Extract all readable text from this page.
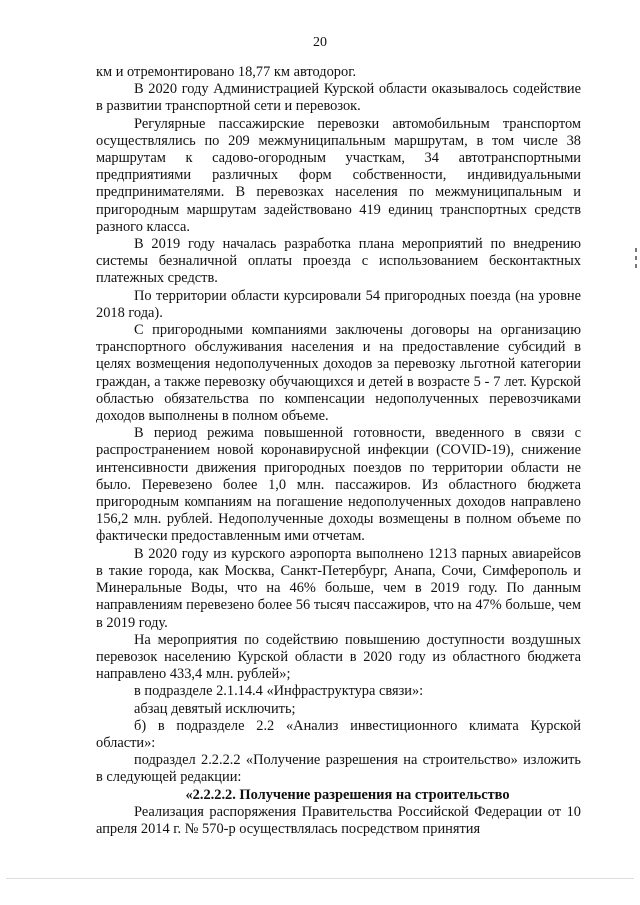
20

км и отремонтировано 18,77 км автодорог.

В 2020 году Администрацией Курской области оказывалось содействие в развитии транспортной сети и перевозок.

Регулярные пассажирские перевозки автомобильным транспортом осуществлялись по 209 межмуниципальным маршрутам, в том числе 38 маршрутам к садово-огородным участкам, 34 автотранспортными предприятиями различных форм собственности, индивидуальными предпринимателями. В перевозках населения по межмуниципальным и пригородным маршрутам задействовано 419 единиц транспортных средств разного класса.

В 2019 году началась разработка плана мероприятий по внедрению системы безналичной оплаты проезда с использованием бесконтактных платежных средств.

По территории области курсировали 54 пригородных поезда (на уровне 2018 года).

С пригородными компаниями заключены договоры на организацию транспортного обслуживания населения и на предоставление субсидий в целях возмещения недополученных доходов за перевозку льготной категории граждан, а также перевозку обучающихся и детей в возрасте 5 - 7 лет. Курской областью обязательства по компенсации недополученных перевозчиками доходов выполнены в полном объеме.

В период режима повышенной готовности, введенного в связи с распространением новой коронавирусной инфекции (COVID-19), снижение интенсивности движения пригородных поездов по территории области не было. Перевезено более 1,0 млн. пассажиров. Из областного бюджета пригородным компаниям на погашение недополученных доходов направлено 156,2 млн. рублей. Недополученные доходы возмещены в полном объеме по фактически предоставленным ими отчетам.

В 2020 году из курского аэропорта выполнено 1213 парных авиарейсов в такие города, как Москва, Санкт-Петербург, Анапа, Сочи, Симферополь и Минеральные Воды, что на 46% больше, чем в 2019 году. По данным направлениям перевезено более 56 тысяч пассажиров, что на 47% больше, чем в 2019 году.

На мероприятия по содействию повышению доступности воздушных перевозок населению Курской области в 2020 году из областного бюджета направлено 433,4 млн. рублей»;

в подразделе 2.1.14.4 «Инфраструктура связи»:

абзац девятый исключить;

б) в подразделе 2.2 «Анализ инвестиционного климата Курской области»:

подраздел 2.2.2.2 «Получение разрешения на строительство» изложить в следующей редакции:

«2.2.2.2. Получение разрешения на строительство

Реализация распоряжения Правительства Российской Федерации от 10 апреля 2014 г. № 570-р осуществлялась посредством принятия
